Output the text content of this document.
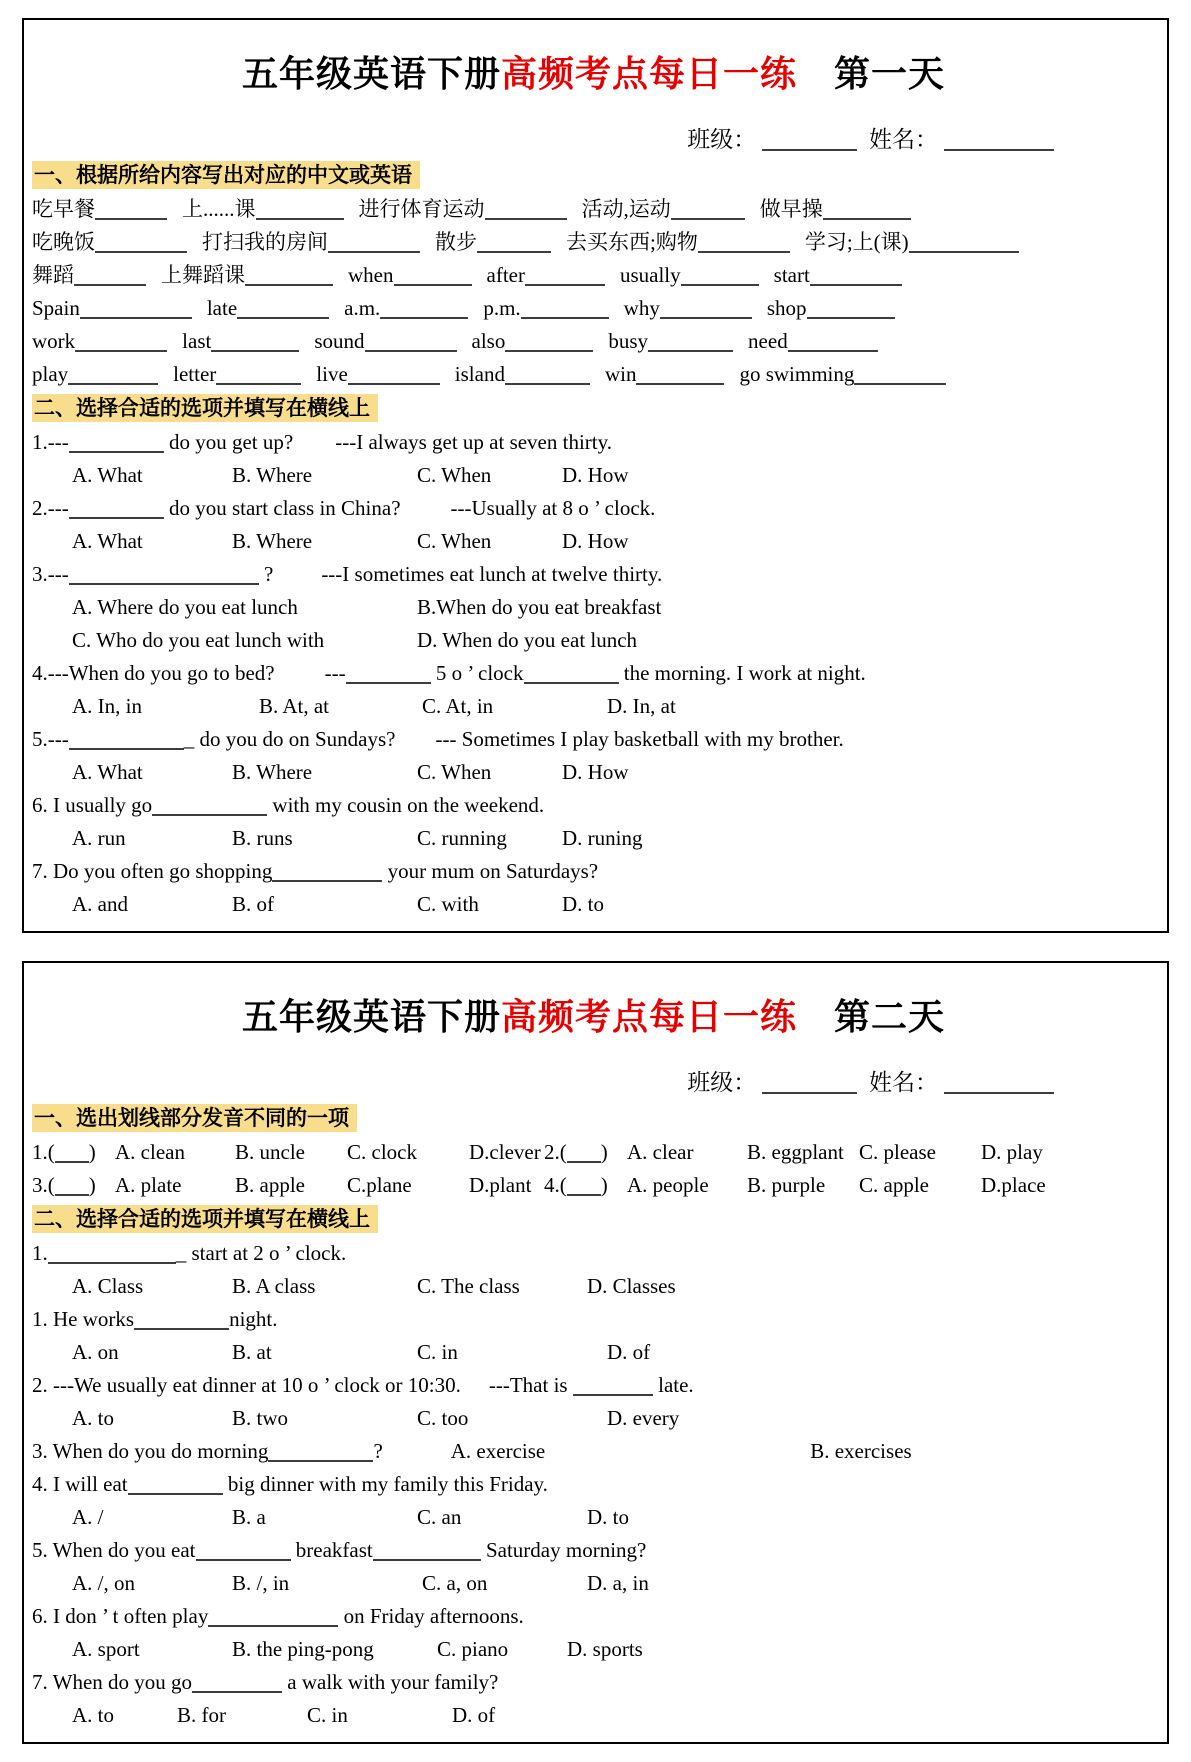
五年级英语下册高频考点每日一练　第一天
班级：	姓名：
一、根据所给内容写出对应的中文或英语
吃早餐	上......课	进行体育运动	活动,运动	做早操
吃晚饭	打扫我的房间	散步	去买东西;购物	学习;上(课)
舞蹈	上舞蹈课	when	after	usually	start
Spain	late	a.m.	p.m.	why	shop
work	last	sound	also	busy	need
play	letter	live	island	win	go swimming
二、选择合适的选项并填写在横线上
1.---	do you get up? ---I always get up at seven thirty.
A. What	B. Where	C. When	D. How
2.---	do you start class in China? ---Usually at 8 o ’ clock.
A. What	B. Where	C. When	D. How
3.---	? ---I sometimes eat lunch at twelve thirty.
A. Where do you eat lunch	B.When do you eat breakfast
C. Who do you eat lunch with	D. When do you eat lunch
4.---When do you go to bed? ---	5 o ’ clock	the morning. I work at night.
A. In, in	B. At, at	C. At, in	D. In, at
5.---	_ do you do on Sundays? --- Sometimes I play basketball with my brother.
A. What	B. Where	C. When	D. How
6. I usually go	with my cousin on the weekend.
A. run	B. runs	C. running	D. runing
7. Do you often go shopping	your mum on Saturdays?
A. and	B. of	C. with	D. to
五年级英语下册高频考点每日一练　第二天
班级：	姓名：
一、选出划线部分发音不同的一项
1.( ) A. clean B. uncle C. clock D.clever 2.( ) A. clear	B. eggplant C. please D. play
3.( ) A. plate	B. apple C.plane	D.plant 4.( ) A. people B. purple C. apple D.place
二、选择合适的选项并填写在横线上
1.	_ start at 2 o ’ clock.
A. Class	B. A class	C. The class	D. Classes
1. He works	night.
A. on	B. at	C. in	D. of
2. ---We usually eat dinner at 10 o ’ clock or 10:30. ---That is	late.
A. to	B. two	C. too	D. every
3. When do you do morning	?	A. exercise	B. exercises
4. I will eat	big dinner with my family this Friday.
A. /	B. a	C. an	D. to
5. When do you eat	breakfast	Saturday morning?
A. /, on	B. /, in	C. a, on	D. a, in
6. I don ’ t often play	on Friday afternoons.
A. sport	B. the ping-pong	C. piano	D. sports
7. When do you go	a walk with your family?
A. to	B. for	C. in	D. of
